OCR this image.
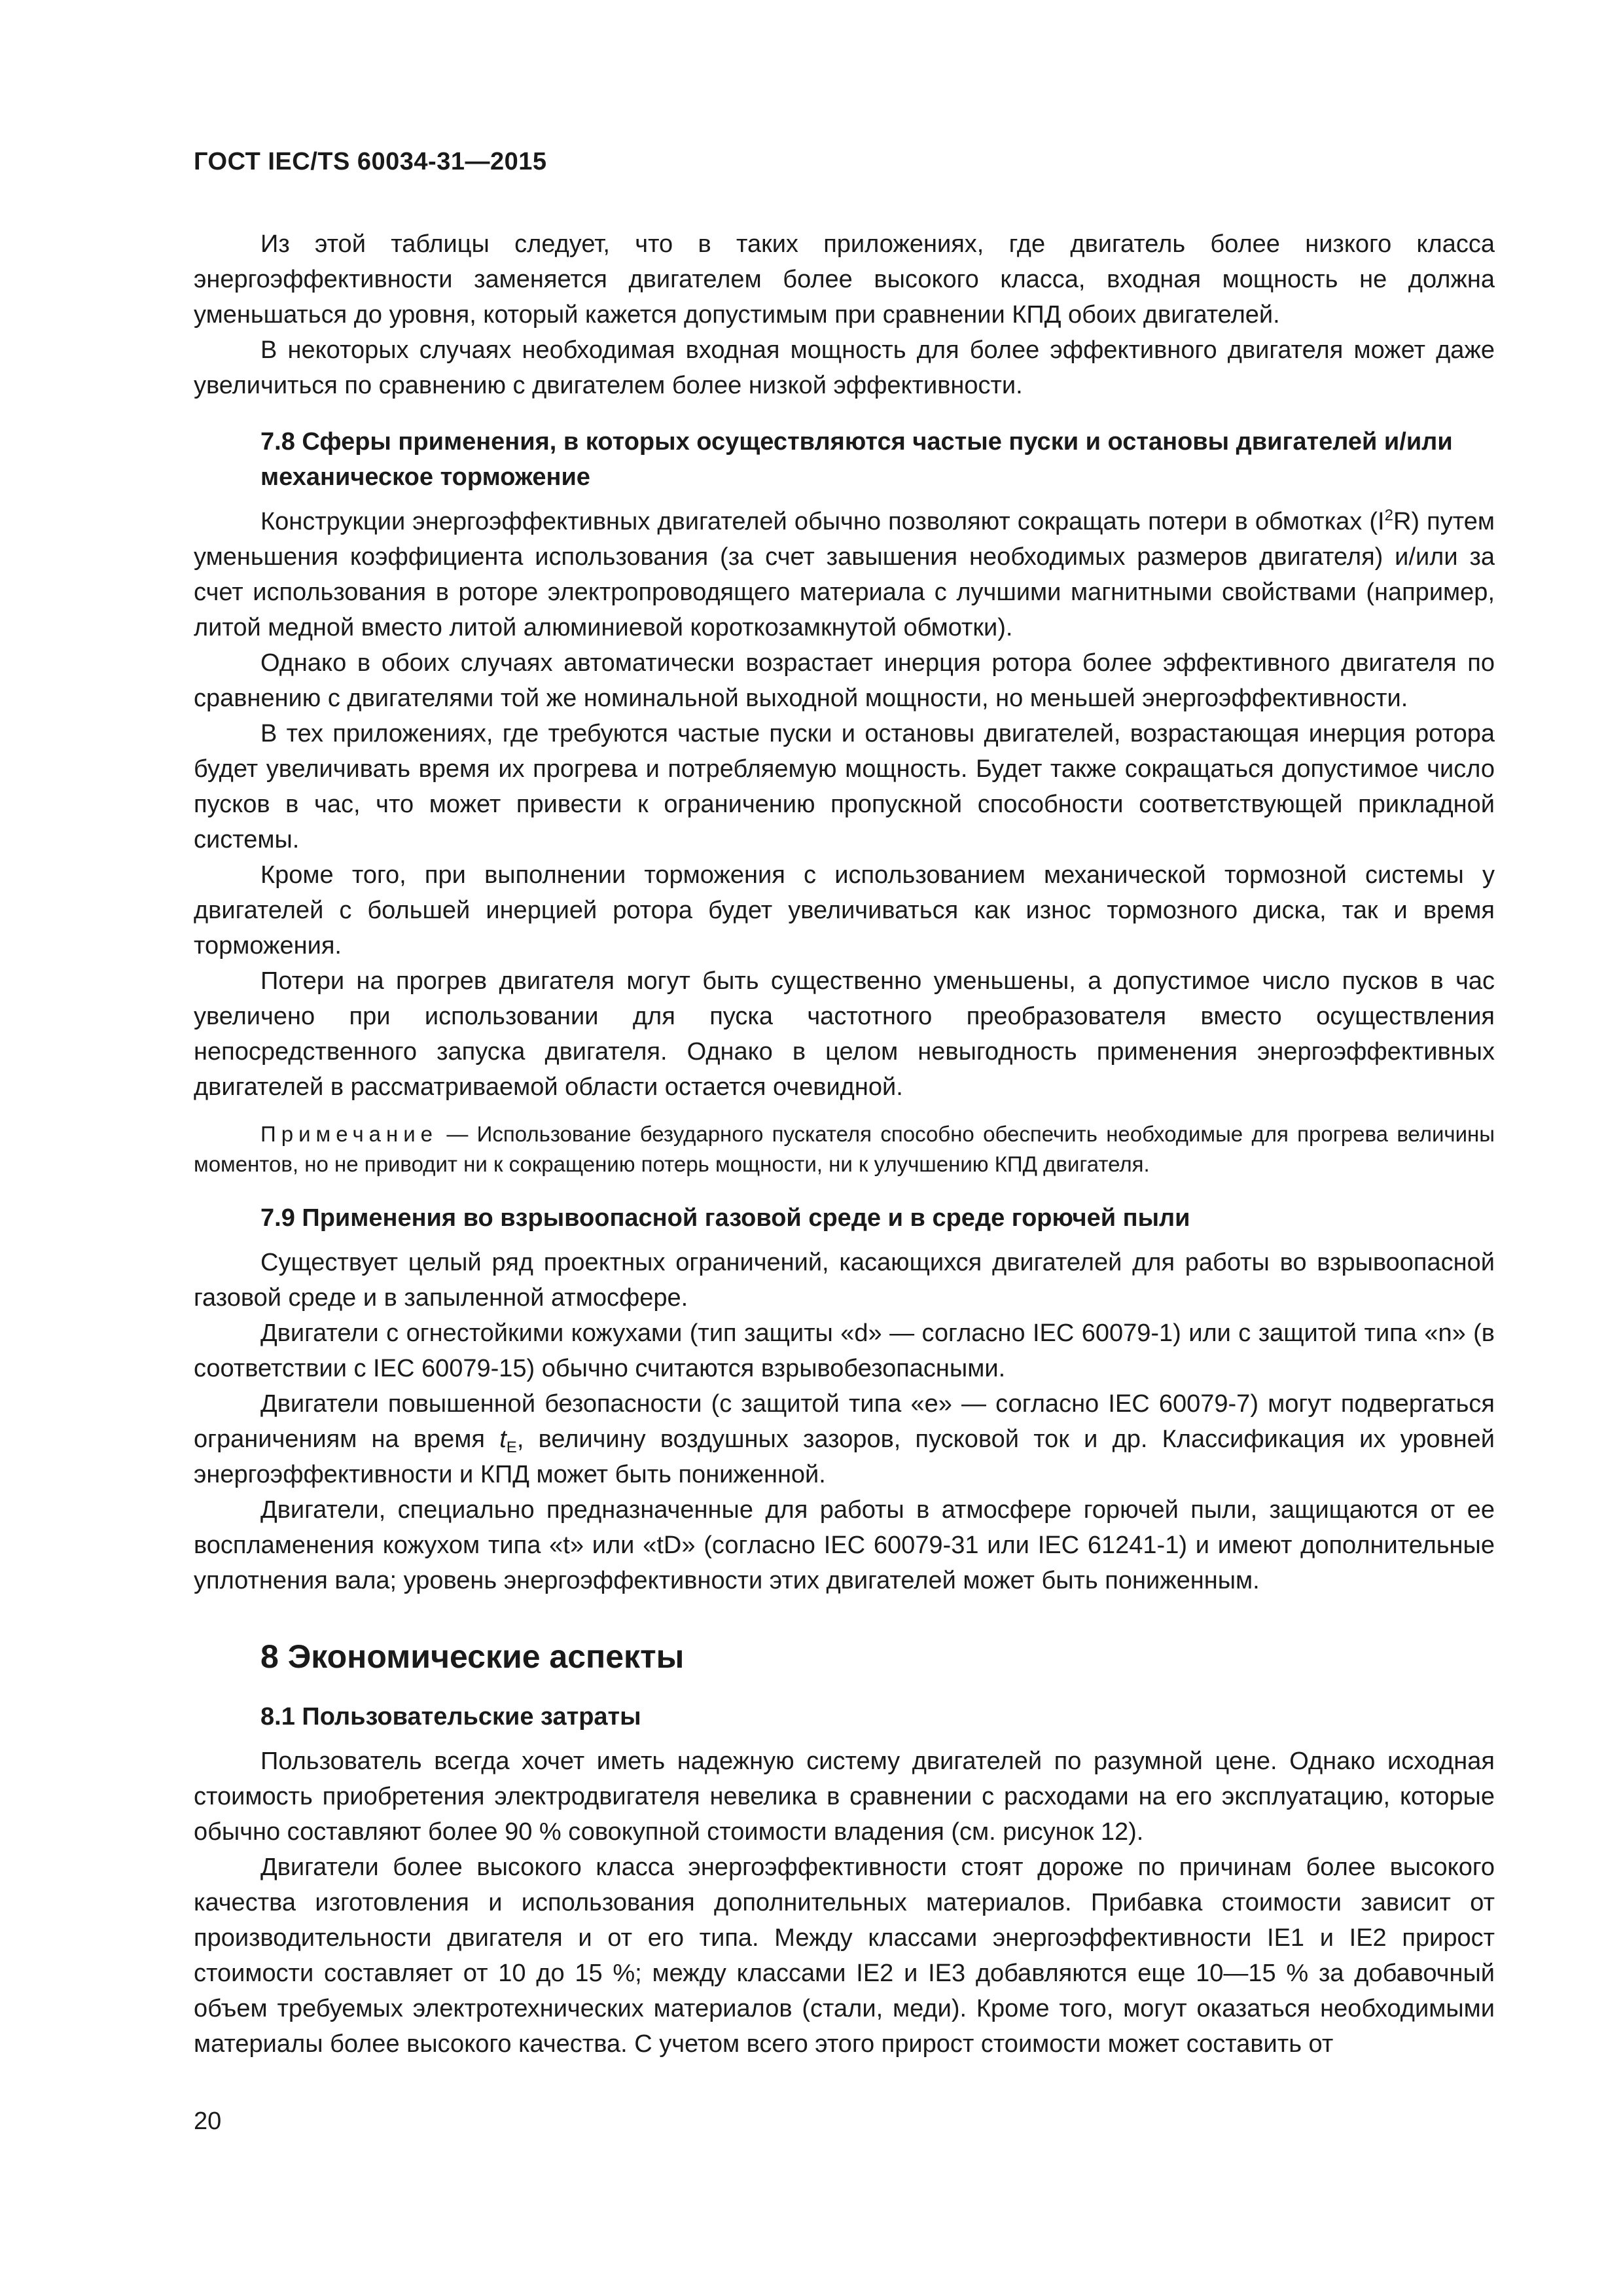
ГОСТ IEC/TS 60034-31—2015

Из этой таблицы следует, что в таких приложениях, где двигатель более низкого класса энергоэффективности заменяется двигателем более высокого класса, входная мощность не должна уменьшаться до уровня, который кажется допустимым при сравнении КПД обоих двигателей.

В некоторых случаях необходимая входная мощность для более эффективного двигателя может даже увеличиться по сравнению с двигателем более низкой эффективности.

7.8 Сферы применения, в которых осуществляются частые пуски и остановы двигателей и/или механическое торможение

Конструкции энергоэффективных двигателей обычно позволяют сокращать потери в обмотках $(I^2R)$ путем уменьшения коэффициента использования (за счет завышения необходимых размеров двигателя) и/или за счет использования в роторе электропроводящего материала с лучшими магнитными свойствами (например, литой медной вместо литой алюминиевой короткозамкнутой обмотки).

Однако в обоих случаях автоматически возрастает инерция ротора более эффективного двигателя по сравнению с двигателями той же номинальной выходной мощности, но меньшей энергоэффективности.

В тех приложениях, где требуются частые пуски и остановы двигателей, возрастающая инерция ротора будет увеличивать время их прогрева и потребляемую мощность. Будет также сокращаться допустимое число пусков в час, что может привести к ограничению пропускной способности соответствующей прикладной системы.

Кроме того, при выполнении торможения с использованием механической тормозной системы у двигателей с большей инерцией ротора будет увеличиваться как износ тормозного диска, так и время торможения.

Потери на прогрев двигателя могут быть существенно уменьшены, а допустимое число пусков в час увеличено при использовании для пуска частотного преобразователя вместо осуществления непосредственного запуска двигателя. Однако в целом невыгодность применения энергоэффективных двигателей в рассматриваемой области остается очевидной.

Примечание — Использование безударного пускателя способно обеспечить необходимые для прогрева величины моментов, но не приводит ни к сокращению потерь мощности, ни к улучшению КПД двигателя.

7.9 Применения во взрывоопасной газовой среде и в среде горючей пыли

Существует целый ряд проектных ограничений, касающихся двигателей для работы во взрывоопасной газовой среде и в запыленной атмосфере.

Двигатели с огнестойкими кожухами (тип защиты «d» — согласно IEC 60079-1) или с защитой типа «n» (в соответствии с IEC 60079-15) обычно считаются взрывобезопасными.

Двигатели повышенной безопасности (с защитой типа «е» — согласно IEC 60079-7) могут подвергаться ограничениям на время $t_E$, величину воздушных зазоров, пусковой ток и др. Классификация их уровней энергоэффективности и КПД может быть пониженной.

Двигатели, специально предназначенные для работы в атмосфере горючей пыли, защищаются от ее воспламенения кожухом типа «t» или «tD» (согласно IEC 60079-31 или IEC 61241-1) и имеют дополнительные уплотнения вала; уровень энергоэффективности этих двигателей может быть пониженным.

8 Экономические аспекты

8.1 Пользовательские затраты

Пользователь всегда хочет иметь надежную систему двигателей по разумной цене. Однако исходная стоимость приобретения электродвигателя невелика в сравнении с расходами на его эксплуатацию, которые обычно составляют более 90 % совокупной стоимости владения (см. рисунок 12).

Двигатели более высокого класса энергоэффективности стоят дороже по причинам более высокого качества изготовления и использования дополнительных материалов. Прибавка стоимости зависит от производительности двигателя и от его типа. Между классами энергоэффективности IE1 и IE2 прирост стоимости составляет от 10 до 15 %; между классами IE2 и IE3 добавляются еще 10—15 % за добавочный объем требуемых электротехнических материалов (стали, меди). Кроме того, могут оказаться необходимыми материалы более высокого качества. С учетом всего этого прирост стоимости может составить от

20
